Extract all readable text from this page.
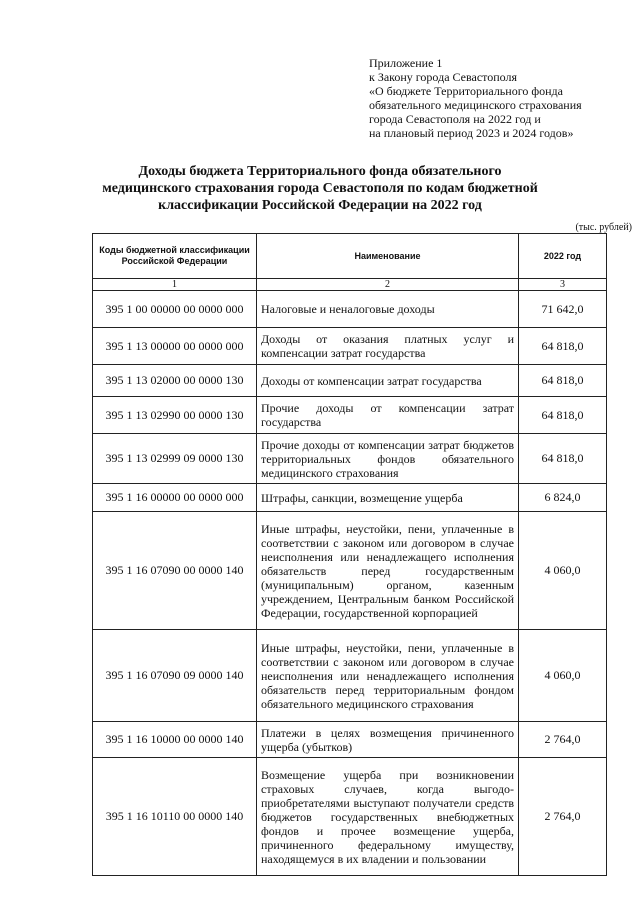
Приложение 1
к Закону города Севастополя
«О бюджете Территориального фонда
обязательного медицинского страхования
города Севастополя на 2022 год и
на плановый период 2023 и 2024 годов»
Доходы бюджета Территориального фонда обязательного
медицинского страхования города Севастополя по кодам бюджетной
классификации Российской Федерации на 2022 год
(тыс. рублей)
Коды бюджетной классификации Российской Федерации	Наименование	2022 год
1	2	3
395 1 00 00000 00 0000 000	Налоговые и неналоговые доходы	71 642,0
395 1 13 00000 00 0000 000	Доходы от оказания платных услуг и компенсации затрат государства	64 818,0
395 1 13 02000 00 0000 130	Доходы от компенсации затрат государства	64 818,0
395 1 13 02990 00 0000 130	Прочие доходы от компенсации затрат государства	64 818,0
395 1 13 02999 09 0000 130	Прочие доходы от компенсации затрат бюджетов территориальных фондов обязательного медицинского страхования	64 818,0
395 1 16 00000 00 0000 000	Штрафы, санкции, возмещение ущерба	6 824,0
395 1 16 07090 00 0000 140	Иные штрафы, неустойки, пени, уплаченные в соответствии с законом или договором в случае неисполнения или ненадлежащего исполнения обязательств перед государственным (муниципальным) органом, казенным учреждением, Центральным банком Российской Федерации, государственной корпорацией	4 060,0
395 1 16 07090 09 0000 140	Иные штрафы, неустойки, пени, уплаченные в соответствии с законом или договором в случае неисполнения или ненадлежащего исполнения обязательств перед территориальным фондом обязательного медицинского страхования	4 060,0
395 1 16 10000 00 0000 140	Платежи в целях возмещения причиненного ущерба (убытков)	2 764,0
395 1 16 10110 00 0000 140	Возмещение ущерба при возникновении страховых случаев, когда выгодо-приобретателями выступают получатели средств бюджетов государственных внебюджетных фондов и прочее возмещение ущерба, причиненного федеральному имуществу, находящемуся в их владении и пользовании	2 764,0
